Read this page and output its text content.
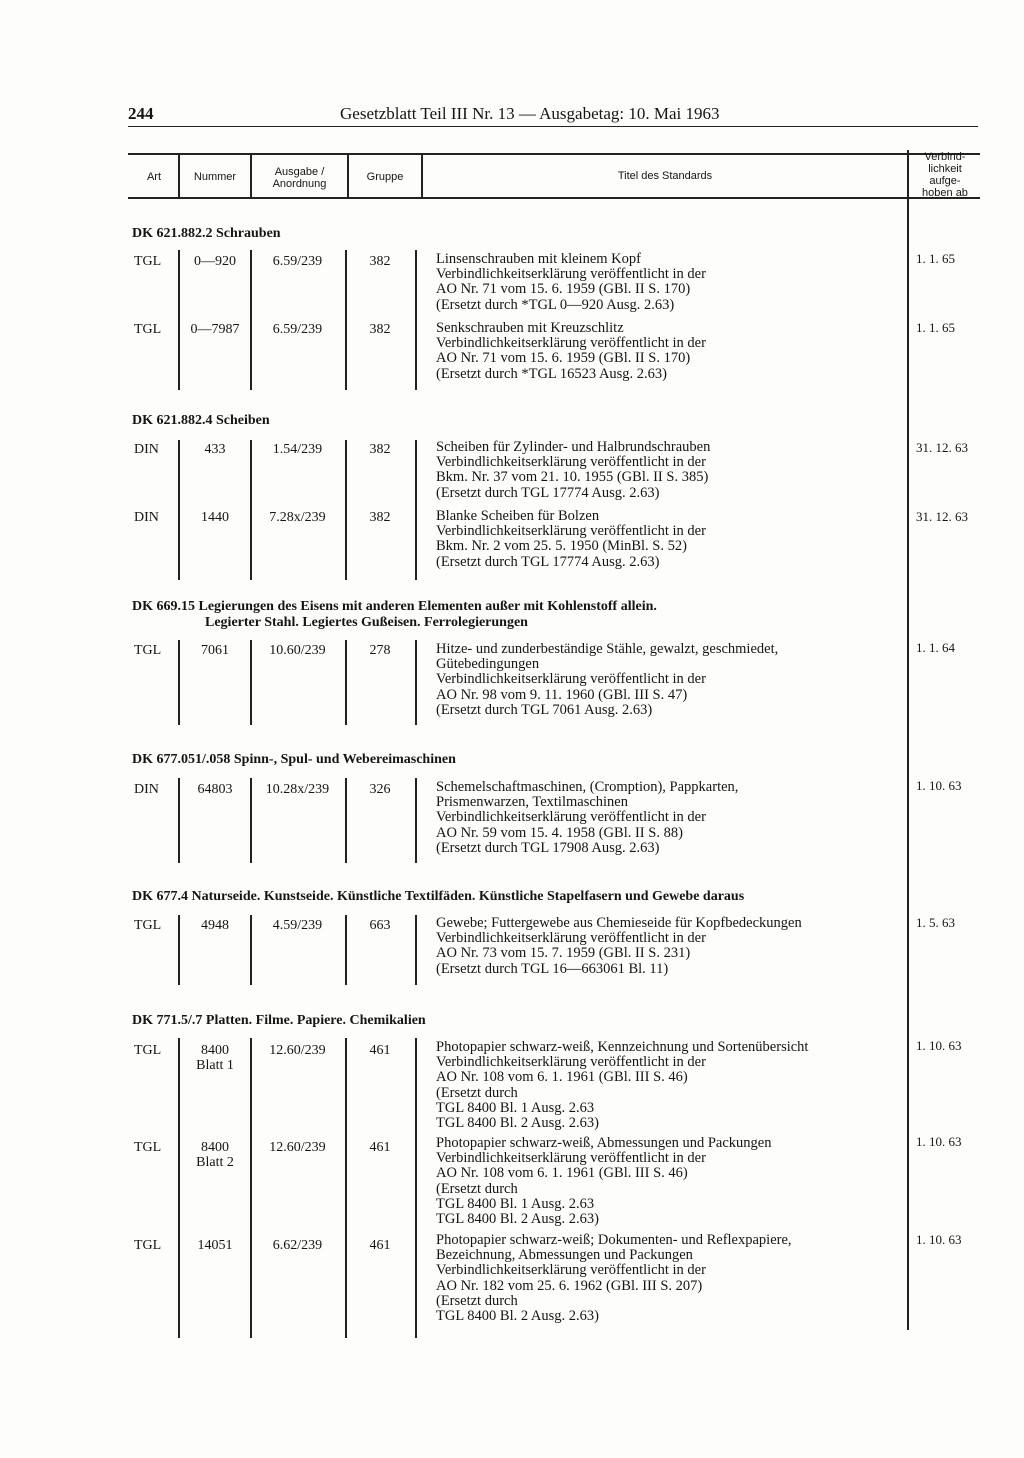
244	Gesetzblatt Teil III Nr. 13 — Ausgabetag: 10. Mai 1963
Art	Nummer	Ausgabe /
Anordnung
Gruppe	Titel des Standards
Verbind-
lichkeit
aufge-
hoben ab
DK 621.882.2 Schrauben
DK 621.882.4 Scheiben
DK 669.15 Legierungen des Eisens mit anderen Elementen außer mit Kohlenstoff allein.
Legierter Stahl. Legiertes Gußeisen. Ferrolegierungen
DK 677.051/.058 Spinn-, Spul- und Webereimaschinen
DK 677.4 Naturseide. Kunstseide. Künstliche Textilfäden. Künstliche Stapelfasern und Gewebe daraus
DK 771.5/.7 Platten. Filme. Papiere. Chemikalien
TGL	0—920	6.59/239	382	Linsenschrauben mit kleinem Kopf
Verbindlichkeitserklärung veröffentlicht in der
AO Nr. 71 vom 15. 6. 1959 (GBl. II S. 170)
(Ersetzt durch *TGL 0—920 Ausg. 2.63)
1. 1. 65
TGL	0—7987	6.59/239	382	Senkschrauben mit Kreuzschlitz
Verbindlichkeitserklärung veröffentlicht in der
AO Nr. 71 vom 15. 6. 1959 (GBl. II S. 170)
(Ersetzt durch *TGL 16523 Ausg. 2.63)
1. 1. 65
DIN	433	1.54/239	382	Scheiben für Zylinder- und Halbrundschrauben
Verbindlichkeitserklärung veröffentlicht in der
Bkm. Nr. 37 vom 21. 10. 1955 (GBl. II S. 385)
(Ersetzt durch TGL 17774 Ausg. 2.63)
31. 12. 63
DIN	1440	7.28x/239	382	Blanke Scheiben für Bolzen
Verbindlichkeitserklärung veröffentlicht in der
Bkm. Nr. 2 vom 25. 5. 1950 (MinBl. S. 52)
(Ersetzt durch TGL 17774 Ausg. 2.63)
31. 12. 63
TGL	7061	10.60/239	278	Hitze- und zunderbeständige Stähle, gewalzt, geschmiedet,
Gütebedingungen
Verbindlichkeitserklärung veröffentlicht in der
AO Nr. 98 vom 9. 11. 1960 (GBl. III S. 47)
(Ersetzt durch TGL 7061 Ausg. 2.63)
1. 1. 64
DIN	64803	10.28x/239	326	Schemelschaftmaschinen, (Cromption), Pappkarten,
Prismenwarzen, Textilmaschinen
Verbindlichkeitserklärung veröffentlicht in der
AO Nr. 59 vom 15. 4. 1958 (GBl. II S. 88)
(Ersetzt durch TGL 17908 Ausg. 2.63)
1. 10. 63
TGL	4948	4.59/239	663	Gewebe; Futtergewebe aus Chemieseide für Kopfbedeckungen
Verbindlichkeitserklärung veröffentlicht in der
AO Nr. 73 vom 15. 7. 1959 (GBl. II S. 231)
(Ersetzt durch TGL 16—663061 Bl. 11)
1. 5. 63
TGL	8400
Blatt 1
12.60/239	461	Photopapier schwarz-weiß, Kennzeichnung und Sortenübersicht
Verbindlichkeitserklärung veröffentlicht in der
AO Nr. 108 vom 6. 1. 1961 (GBl. III S. 46)
(Ersetzt durch
TGL 8400 Bl. 1 Ausg. 2.63
TGL 8400 Bl. 2 Ausg. 2.63)
1. 10. 63
TGL	8400
Blatt 2
12.60/239	461	Photopapier schwarz-weiß, Abmessungen und Packungen
Verbindlichkeitserklärung veröffentlicht in der
AO Nr. 108 vom 6. 1. 1961 (GBl. III S. 46)
(Ersetzt durch
TGL 8400 Bl. 1 Ausg. 2.63
TGL 8400 Bl. 2 Ausg. 2.63)
1. 10. 63
TGL	14051	6.62/239	461	Photopapier schwarz-weiß; Dokumenten- und Reflexpapiere,
Bezeichnung, Abmessungen und Packungen
Verbindlichkeitserklärung veröffentlicht in der
AO Nr. 182 vom 25. 6. 1962 (GBl. III S. 207)
(Ersetzt durch
TGL 8400 Bl. 2 Ausg. 2.63)
1. 10. 63
